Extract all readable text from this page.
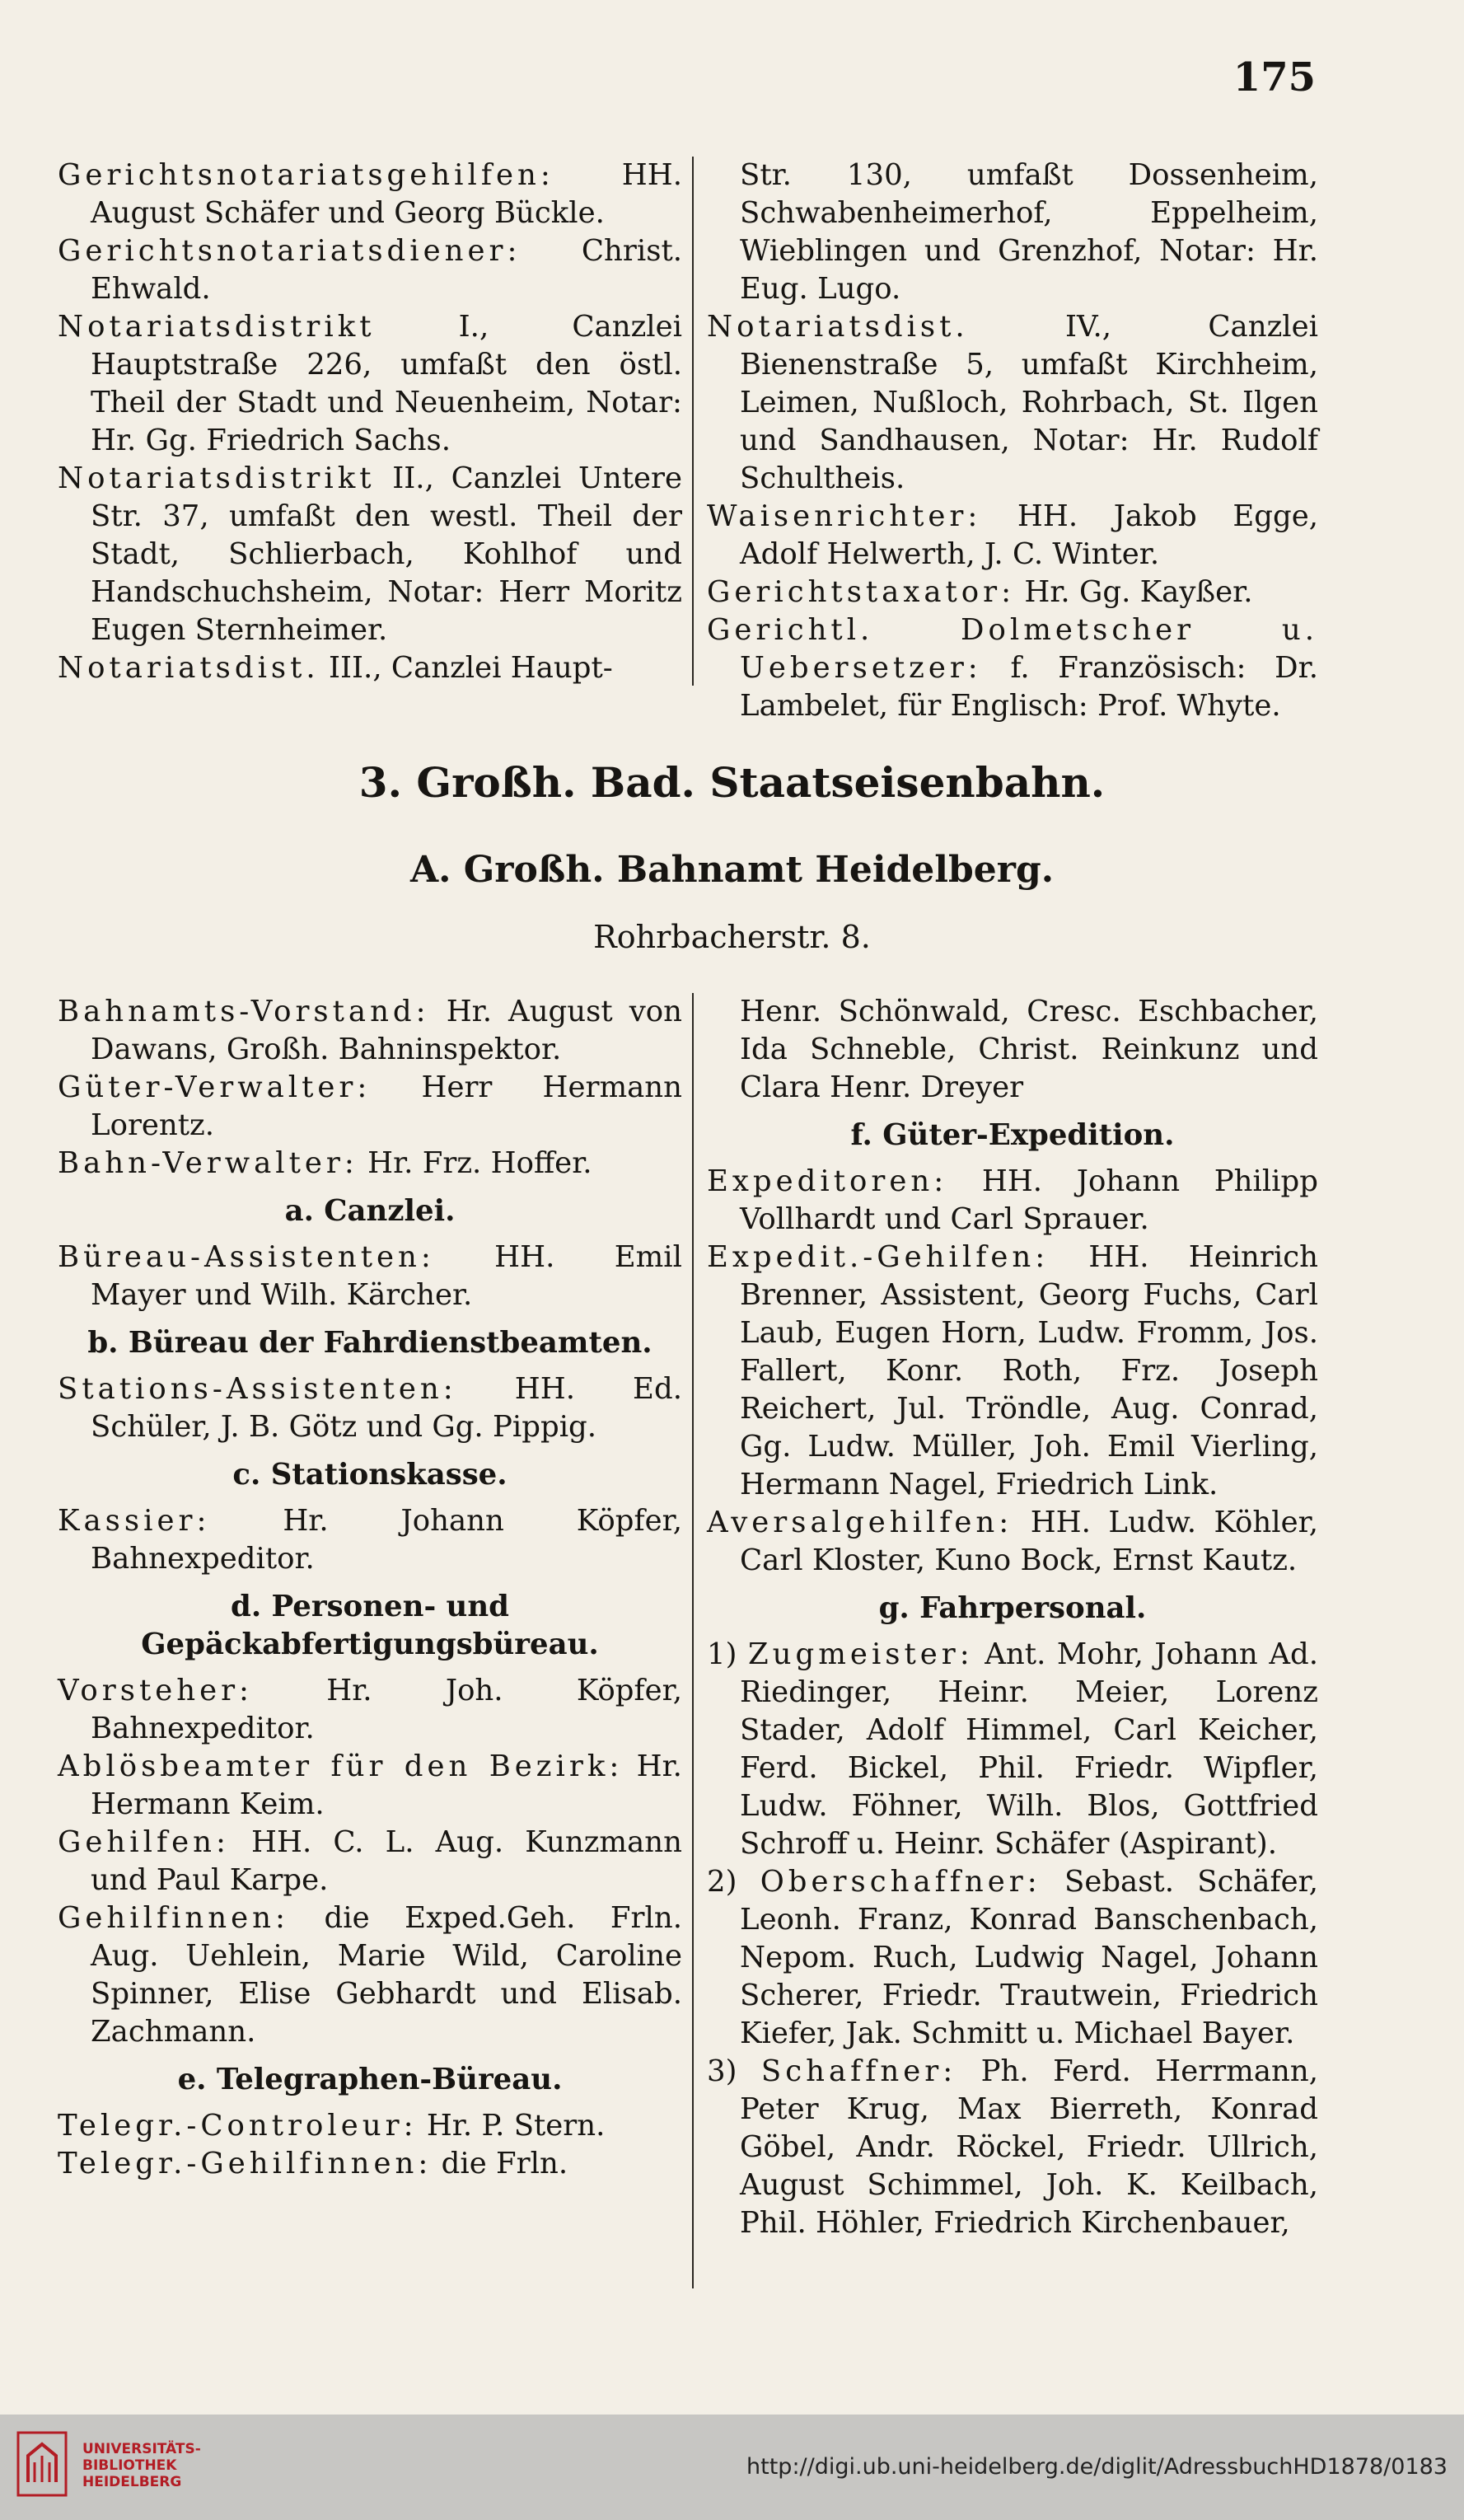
175

Gerichtsnotariatsgehilfen: HH. August Schäfer und Georg Bückle.

Gerichtsnotariatsdiener: Christ. Ehwald.

Notariatsdistrikt	I., Canzlei Hauptstraße 226, umfaßt den östl. Theil der Stadt und Neuenheim, Notar: Hr. Gg. Friedrich Sachs.

Notariatsdistrikt II., Canzlei Untere Str. 37, umfaßt den westl. Theil der Stadt, Schlierbach, Kohlhof und Handschuchsheim, Notar: Herr Moritz Eugen Sternheimer.

Notariatsdist. III., Canzlei Haupt-

Str. 130, umfaßt Dossenheim, Schwabenheimerhof, Eppelheim, Wieblingen und Grenzhof, Notar: Hr. Eug. Lugo.

Notariatsdist.	IV., Canzlei Bienenstraße 5, umfaßt Kirchheim, Leimen, Nußloch, Rohrbach, St. Ilgen und Sandhausen, Notar: Hr. Rudolf Schultheis.

Waisenrichter: HH. Jakob Egge, Adolf Helwerth, J. C. Winter.

Gerichtstaxator: Hr. Gg. Kayßer.

Gerichtl. Dolmetscher u. Uebersetzer: f. Französisch: Dr. Lambelet, für Englisch: Prof. Whyte.

3. Großh. Bad. Staatseisenbahn.
A. Großh. Bahnamt Heidelberg.
Rohrbacherstr. 8.

Bahnamts-Vorstand: Hr. August von Dawans, Großh. Bahninspektor.

Güter-Verwalter: Herr Hermann Lorentz.

Bahn-Verwalter: Hr. Frz. Hoffer.

a. Canzlei.

Büreau-Assistenten: HH. Emil Mayer und Wilh. Kärcher.

b. Büreau der Fahrdienstbeamten.

Stations-Assistenten: HH. Ed. Schüler, J. B. Götz und Gg. Pippig.

c. Stationskasse.

Kassier: Hr. Johann Köpfer, Bahnexpeditor.

d. Personen- und Gepäckabfertigungsbüreau.

Vorsteher:	Hr. Joh. Köpfer, Bahnexpeditor.

Ablösbeamter für den Bezirk: Hr. Hermann Keim.

Gehilfen: HH. C. L. Aug. Kunzmann und Paul Karpe.

Gehilfinnen: die Exped.Geh. Frln. Aug. Uehlein, Marie Wild, Caroline Spinner, Elise Gebhardt und Elisab. Zachmann.

e. Telegraphen-Büreau.

Telegr.-Controleur: Hr. P. Stern.

Telegr.-Gehilfinnen: die Frln.

Henr. Schönwald, Cresc. Eschbacher, Ida Schneble, Christ. Reinkunz und Clara Henr. Dreyer

f. Güter-Expedition.

Expeditoren: HH. Johann Philipp Vollhardt und Carl Sprauer.

Expedit.-Gehilfen: HH. Heinrich Brenner, Assistent, Georg Fuchs, Carl Laub, Eugen Horn, Ludw. Fromm, Jos. Fallert, Konr. Roth, Frz. Joseph Reichert, Jul. Tröndle, Aug. Conrad, Gg. Ludw. Müller, Joh. Emil Vierling, Hermann Nagel, Friedrich Link.

Aversalgehilfen: HH. Ludw. Köhler, Carl Kloster, Kuno Bock, Ernst Kautz.

g. Fahrpersonal.

1) Zugmeister: Ant. Mohr, Johann Ad. Riedinger, Heinr. Meier, Lorenz Stader, Adolf Himmel, Carl Keicher, Ferd. Bickel, Phil. Friedr. Wipfler, Ludw. Föhner, Wilh. Blos, Gottfried Schroff u. Heinr. Schäfer (Aspirant).

2) Oberschaffner: Sebast. Schäfer, Leonh. Franz, Konrad Banschenbach, Nepom. Ruch, Ludwig Nagel, Johann Scherer, Friedr. Trautwein, Friedrich Kiefer, Jak. Schmitt u. Michael Bayer.

3) Schaffner: Ph. Ferd. Herrmann, Peter Krug, Max Bierreth, Konrad Göbel, Andr. Röckel, Friedr. Ullrich, August Schimmel, Joh. K. Keilbach, Phil. Höhler, Friedrich Kirchenbauer,

UNIVERSITÄTS-
BIBLIOTHEK
HEIDELBERG
http://digi.ub.uni-heidelberg.de/diglit/AdressbuchHD1878/0183
